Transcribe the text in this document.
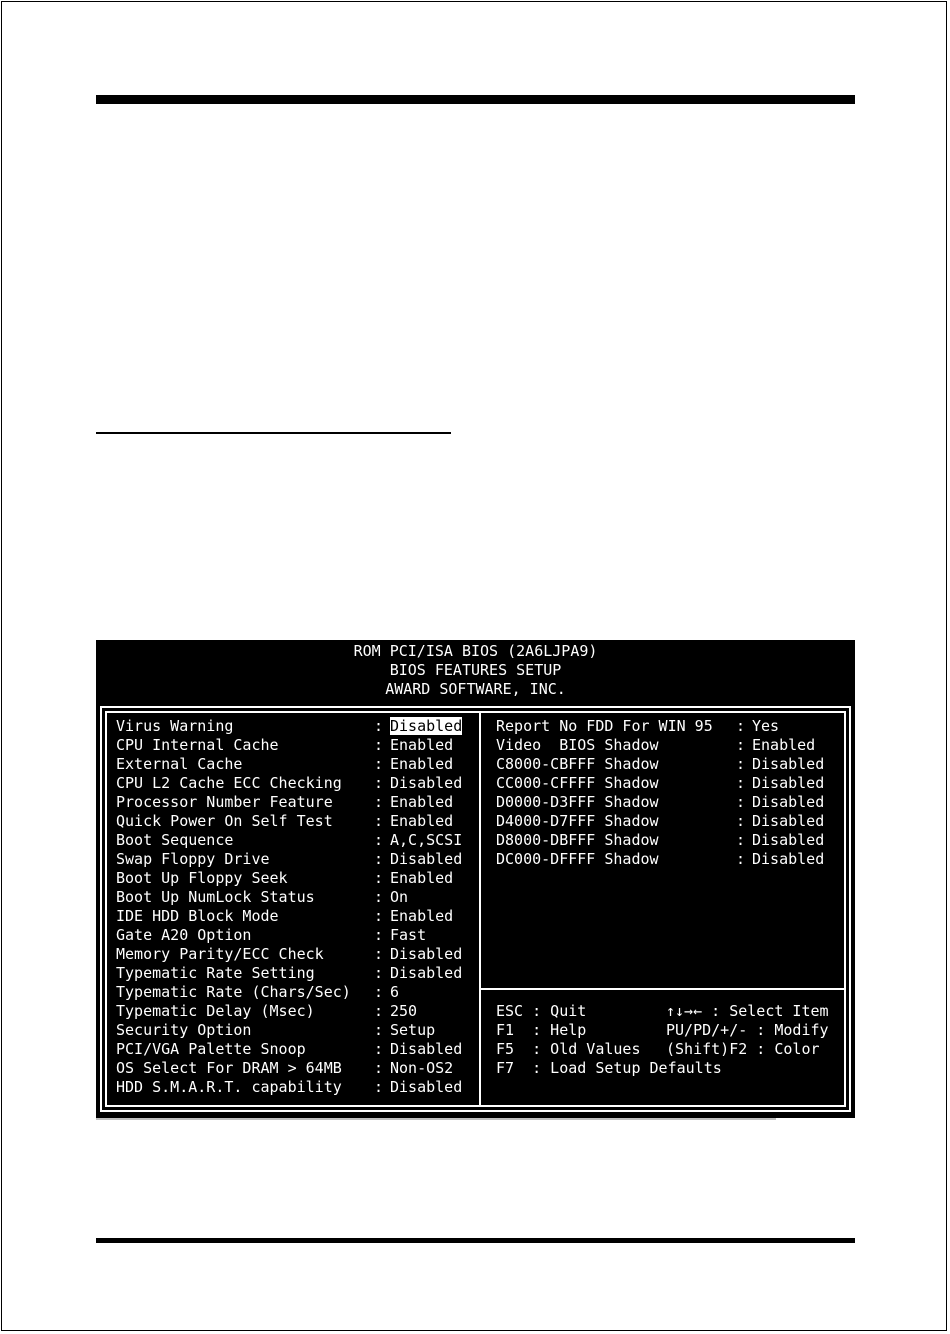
ROM PCI/ISA BIOS (2A6LJPA9)
BIOS FEATURES SETUP
AWARD SOFTWARE, INC.
Virus Warning	: Disabled
CPU Internal Cache	: Enabled
External Cache	: Enabled
CPU L2 Cache ECC Checking : Disabled
Processor Number Feature	: Enabled
Quick Power On Self Test	: Enabled
Boot Sequence	: A,C,SCSI
Swap Floppy Drive	: Disabled
Boot Up Floppy Seek	: Enabled
Boot Up NumLock Status	: On
IDE HDD Block Mode	: Enabled
Gate A20 Option	: Fast
Memory Parity/ECC Check	: Disabled
Typematic Rate Setting	: Disabled
Typematic Rate (Chars/Sec) : 6
Typematic Delay (Msec)	: 250
Security Option	: Setup
PCI/VGA Palette Snoop	: Disabled
OS Select For DRAM > 64MB : Non-OS2
HDD S.M.A.R.T. capability : Disabled
Report No FDD For WIN 95 : Yes
Video  BIOS Shadow	: Enabled
C8000-CBFFF Shadow	: Disabled
CC000-CFFFF Shadow	: Disabled
D0000-D3FFF Shadow	: Disabled
D4000-D7FFF Shadow	: Disabled
D8000-DBFFF Shadow	: Disabled
DC000-DFFFF Shadow	: Disabled
ESC : Quit	↑↓→← : Select Item
F1  : Help	PU/PD/+/- : Modify
F5  : Old Values (Shift)F2 : Color
F7  : Load Setup Defaults
